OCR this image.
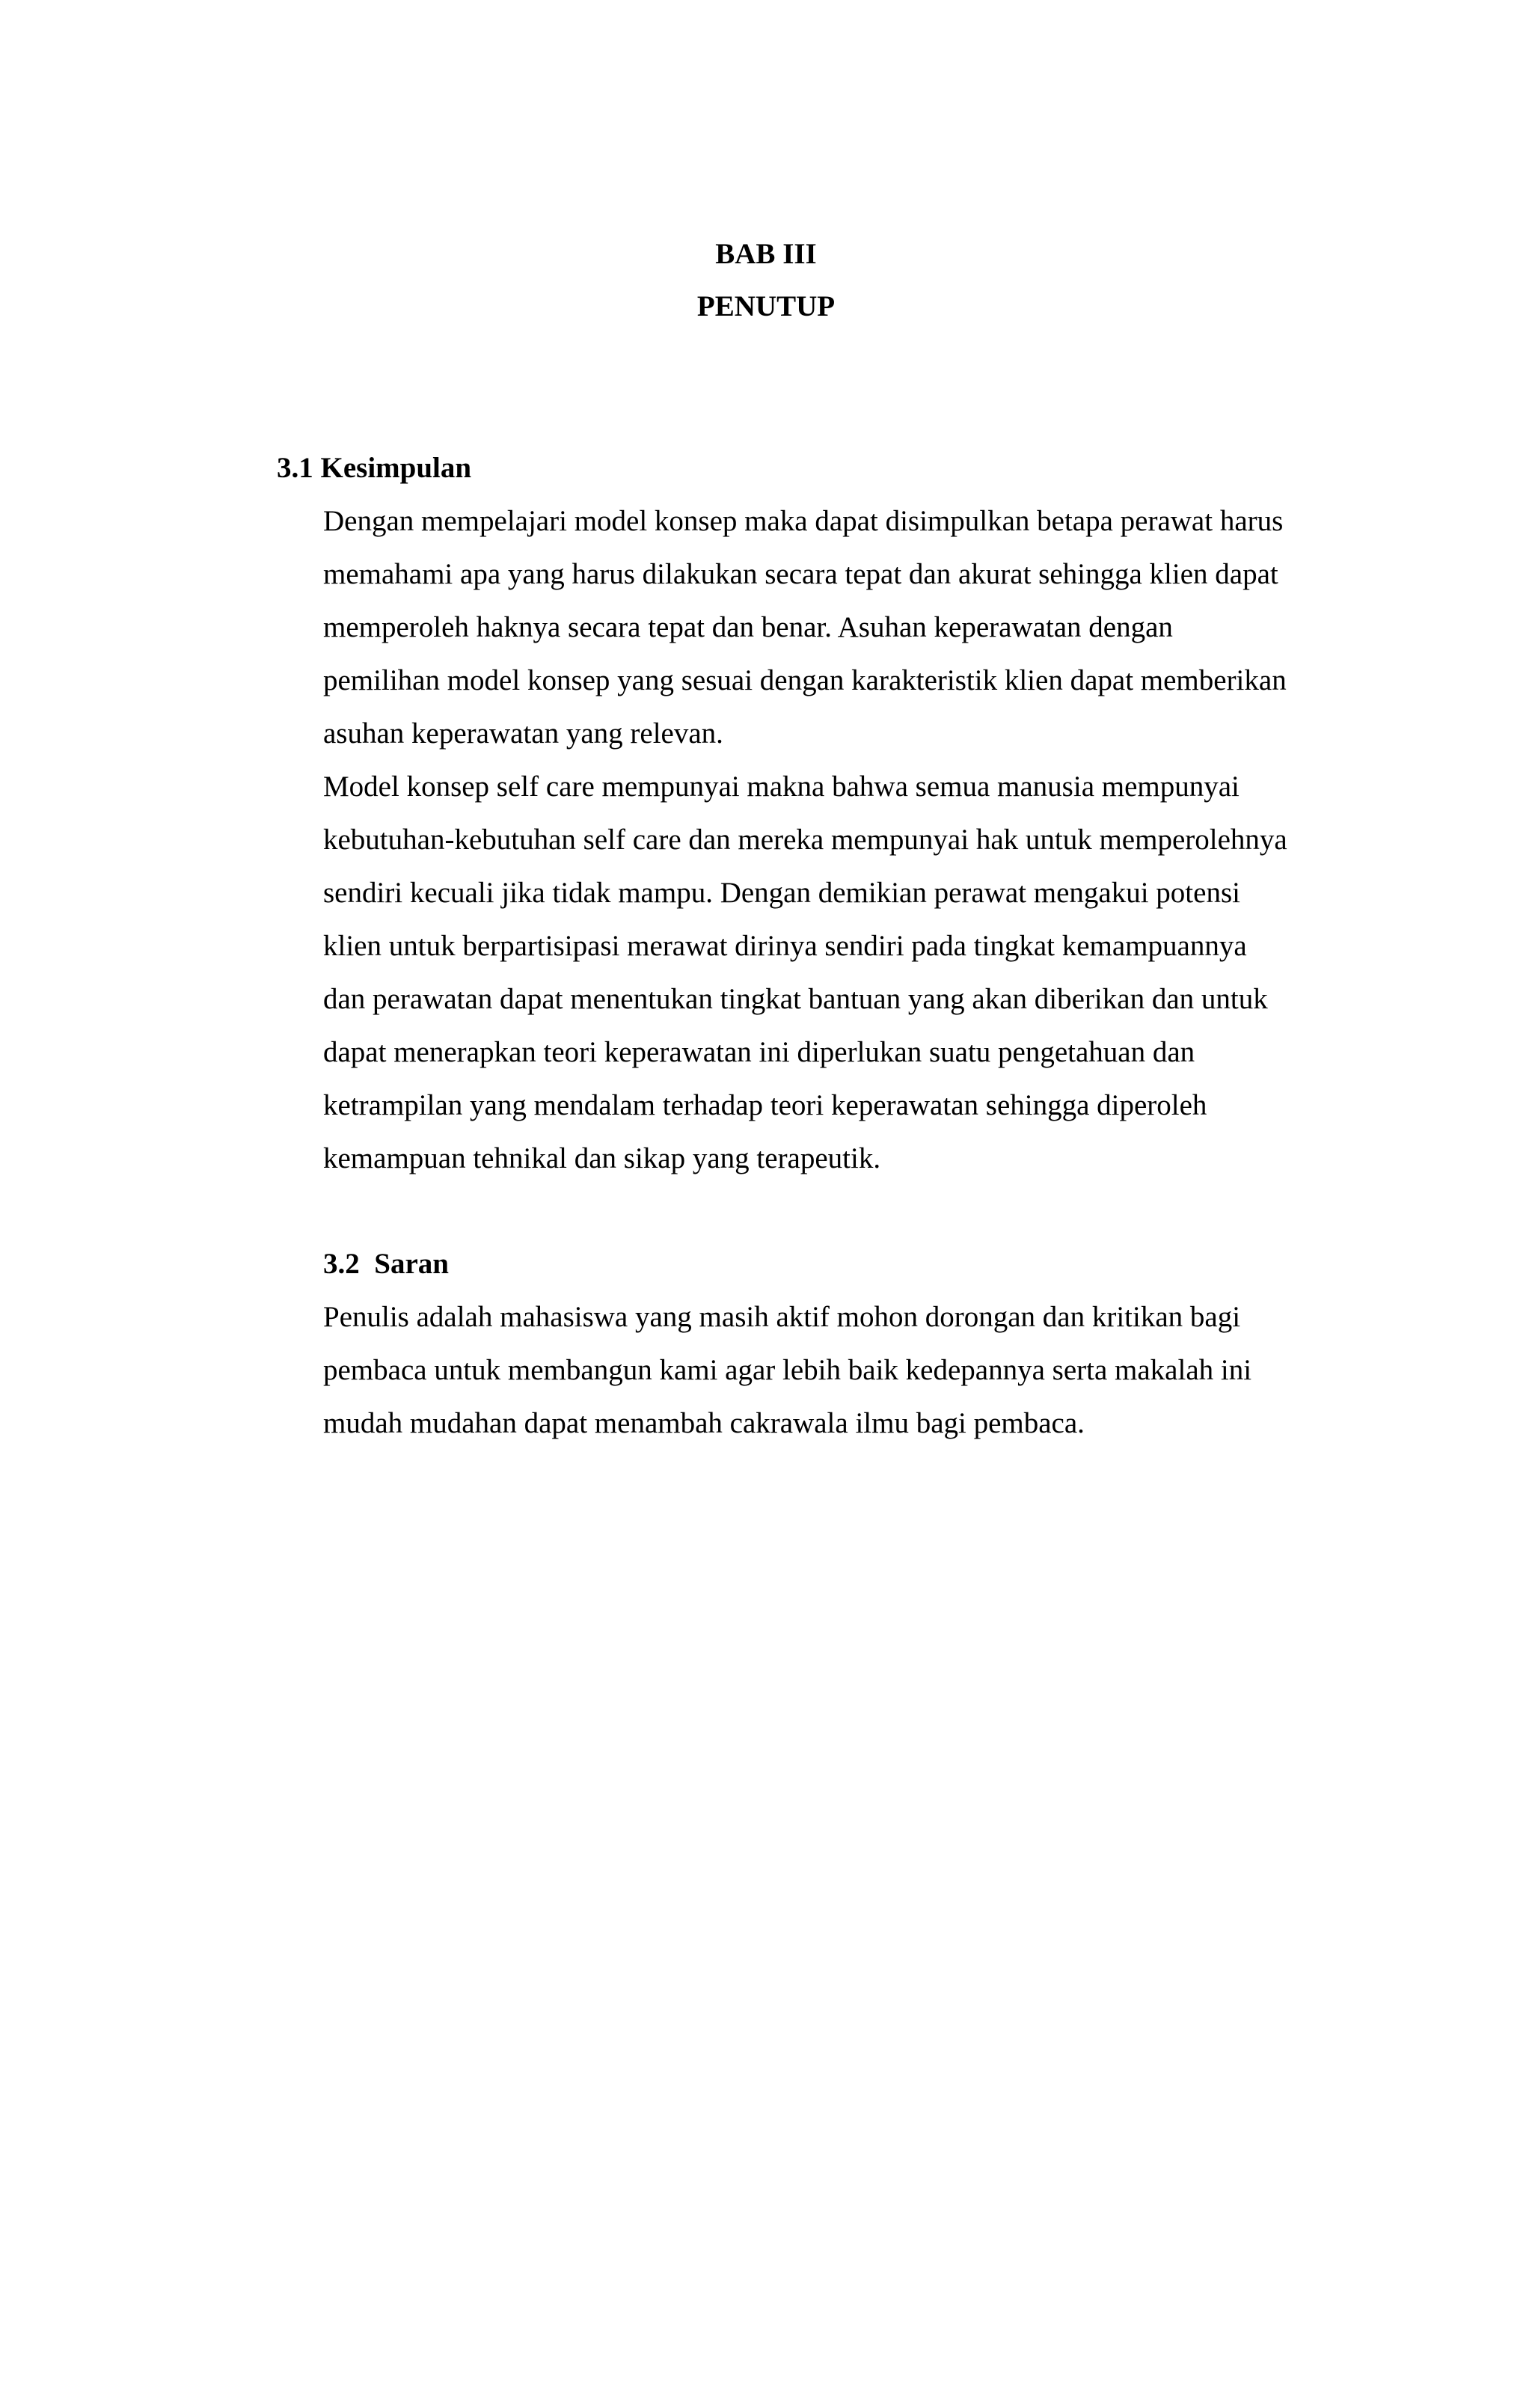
BAB III
PENUTUP
3.1 Kesimpulan
Dengan mempelajari model konsep maka dapat disimpulkan betapa perawat harus
memahami apa yang harus dilakukan secara tepat dan akurat sehingga klien dapat
memperoleh haknya secara tepat dan benar. Asuhan keperawatan dengan
pemilihan model konsep yang sesuai dengan karakteristik klien dapat memberikan
asuhan keperawatan yang relevan.
Model konsep self care mempunyai makna bahwa semua manusia mempunyai
kebutuhan-kebutuhan self care dan mereka mempunyai hak untuk memperolehnya
sendiri kecuali jika tidak mampu. Dengan demikian perawat mengakui potensi
klien untuk berpartisipasi merawat dirinya sendiri pada tingkat kemampuannya
dan perawatan dapat menentukan tingkat bantuan yang akan diberikan dan untuk
dapat menerapkan teori keperawatan ini diperlukan suatu pengetahuan dan
ketrampilan yang mendalam terhadap teori keperawatan sehingga diperoleh
kemampuan tehnikal dan sikap yang terapeutik.
3.2  Saran
Penulis adalah mahasiswa yang masih aktif mohon dorongan dan kritikan bagi
pembaca untuk membangun kami agar lebih baik kedepannya serta makalah ini
mudah mudahan dapat menambah cakrawala ilmu bagi pembaca.
